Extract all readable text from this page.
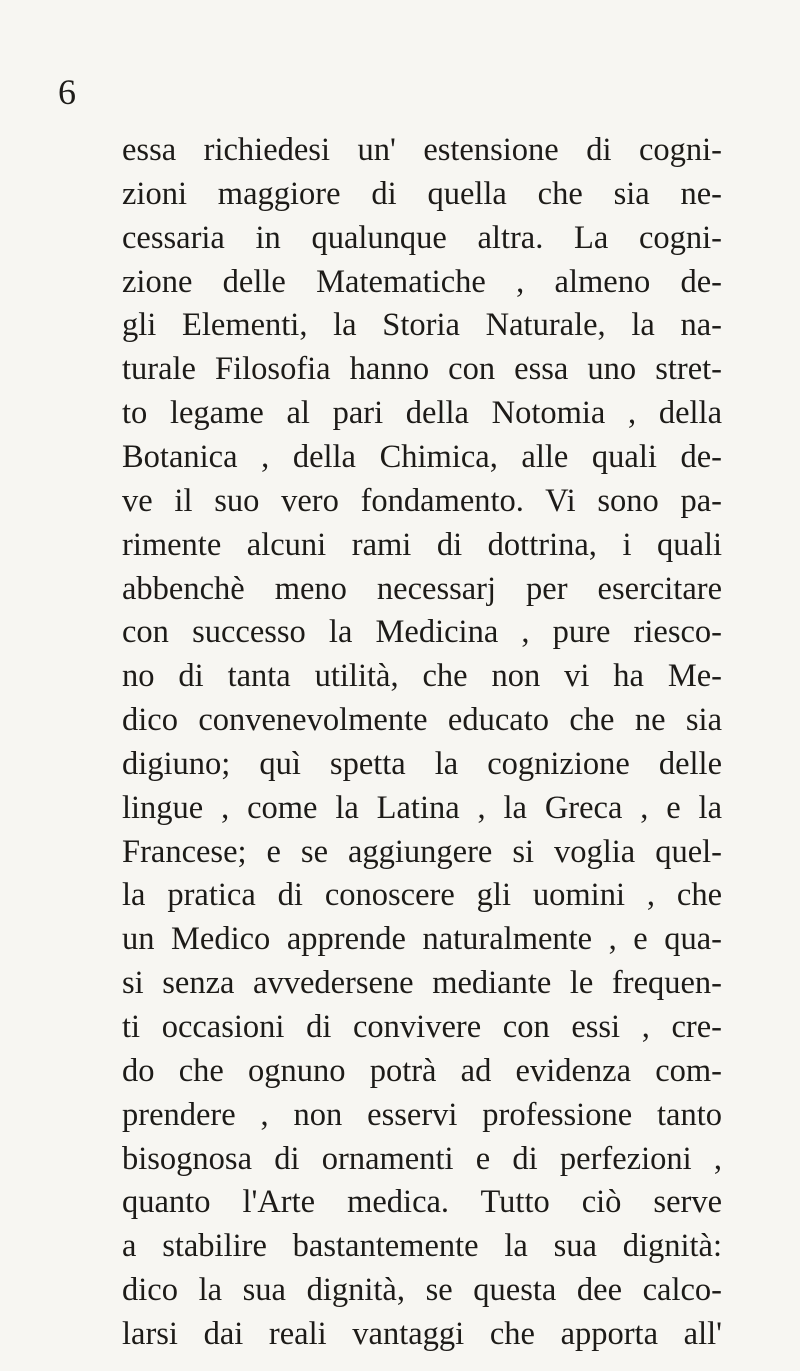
6
essa richiedesi un' estensione di cogni-
zioni maggiore di quella che sia ne-
cessaria in qualunque altra. La cogni-
zione delle Matematiche , almeno de-
gli Elementi, la Storia Naturale, la na-
turale Filosofia hanno con essa uno stret-
to legame al pari della Notomia , della
Botanica , della Chimica, alle quali de-
ve il suo vero fondamento. Vi sono pa-
rimente alcuni rami di dottrina, i quali
abbenchè meno necessarj per esercitare
con successo la Medicina , pure riesco-
no di tanta utilità, che non vi ha Me-
dico convenevolmente educato che ne sia
digiuno; quì spetta la cognizione delle
lingue , come la Latina , la Greca , e la
Francese; e se aggiungere si voglia quel-
la pratica di conoscere gli uomini , che
un Medico apprende naturalmente , e qua-
si senza avvedersene mediante le frequen-
ti occasioni di convivere con essi , cre-
do che ognuno potrà ad evidenza com-
prendere , non esservi professione tanto
bisognosa di ornamenti e di perfezioni ,
quanto l'Arte medica. Tutto ciò serve
a stabilire bastantemente la sua dignità:
dico la sua dignità, se questa dee calco-
larsi dai reali vantaggi che apporta all'
